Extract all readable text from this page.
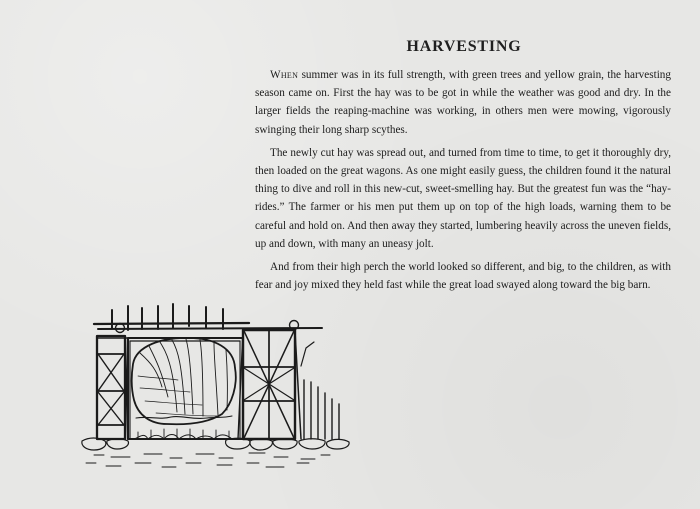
HARVESTING

When summer was in its full strength, with green trees and yellow grain, the harvesting season came on. First the hay was to be got in while the weather was good and dry. In the larger fields the reaping-machine was working, in others men were mowing, vigorously swinging their long sharp scythes.

The newly cut hay was spread out, and turned from time to time, to get it thoroughly dry, then loaded on the great wagons. As one might easily guess, the children found it the natural thing to dive and roll in this new-cut, sweet-smelling hay. But the greatest fun was the “hay-rides.” The farmer or his men put them up on top of the high loads, warning them to be careful and hold on. And then away they started, lumbering heavily across the uneven fields, up and down, with many an uneasy jolt.

And from their high perch the world looked so different, and big, to the children, as with fear and joy mixed they held fast while the great load swayed along toward the big barn.
